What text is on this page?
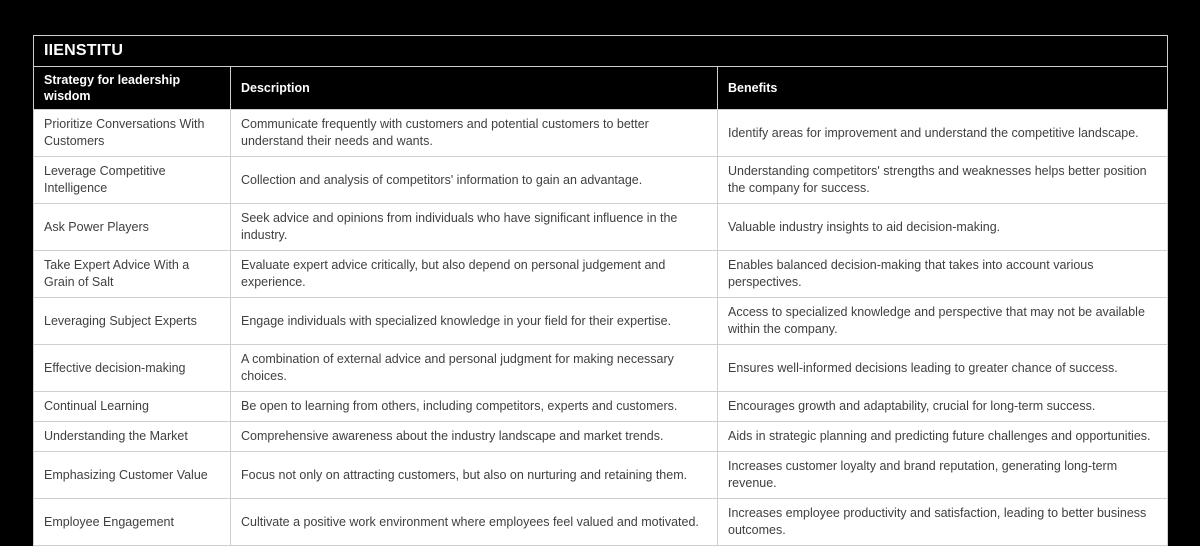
IIENSTITU		
Strategy for leadership wisdom	Description	Benefits
Prioritize Conversations With Customers	Communicate frequently with customers and potential customers to better understand their needs and wants.	Identify areas for improvement and understand the competitive landscape.
Leverage Competitive Intelligence	Collection and analysis of competitors' information to gain an advantage.	Understanding competitors' strengths and weaknesses helps better position the company for success.
Ask Power Players	Seek advice and opinions from individuals who have significant influence in the industry.	Valuable industry insights to aid decision-making.
Take Expert Advice With a Grain of Salt	Evaluate expert advice critically, but also depend on personal judgement and experience.	Enables balanced decision-making that takes into account various perspectives.
Leveraging Subject Experts	Engage individuals with specialized knowledge in your field for their expertise.	Access to specialized knowledge and perspective that may not be available within the company.
Effective decision-making	A combination of external advice and personal judgment for making necessary choices.	Ensures well-informed decisions leading to greater chance of success.
Continual Learning	Be open to learning from others, including competitors, experts and customers.	Encourages growth and adaptability, crucial for long-term success.
Understanding the Market	Comprehensive awareness about the industry landscape and market trends.	Aids in strategic planning and predicting future challenges and opportunities.
Emphasizing Customer Value	Focus not only on attracting customers, but also on nurturing and retaining them.	Increases customer loyalty and brand reputation, generating long-term revenue.
Employee Engagement	Cultivate a positive work environment where employees feel valued and motivated.	Increases employee productivity and satisfaction, leading to better business outcomes.
